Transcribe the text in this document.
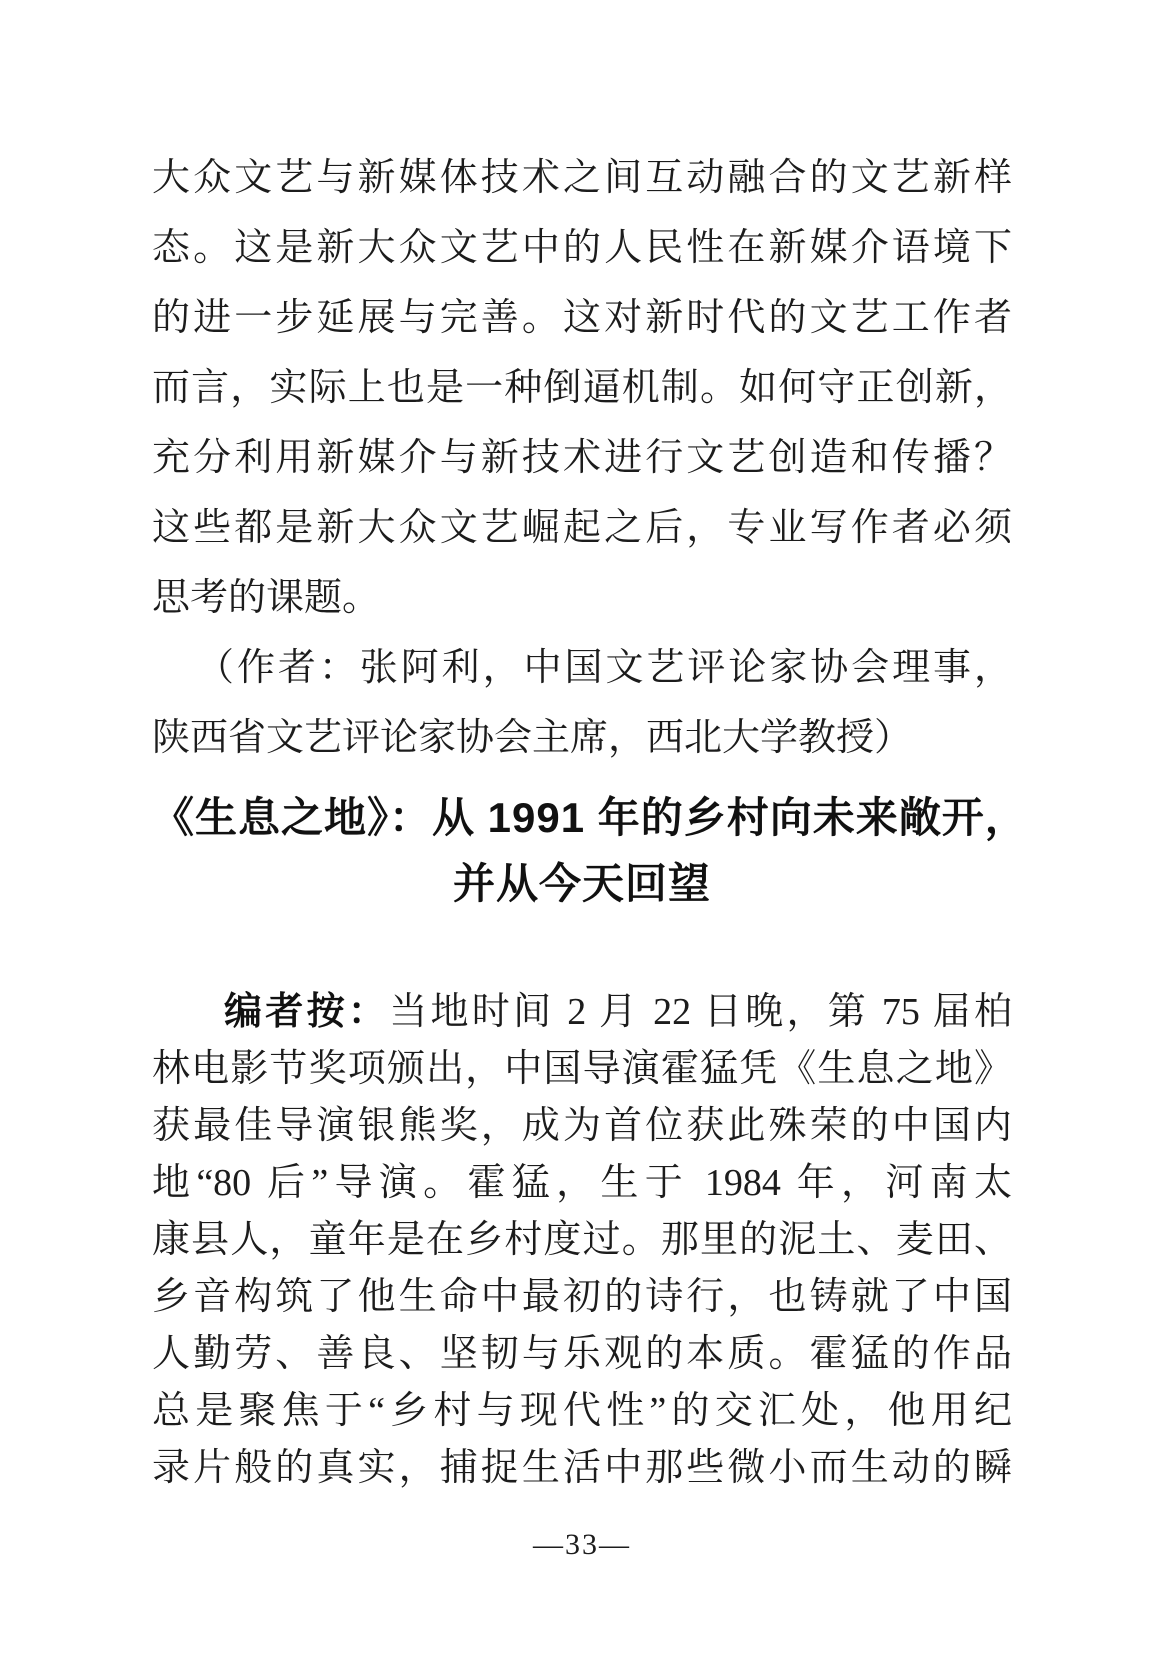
大众文艺与新媒体技术之间互动融合的文艺新样
态。这是新大众文艺中的人民性在新媒介语境下
的进一步延展与完善。这对新时代的文艺工作者
而言，实际上也是一种倒逼机制。如何守正创新，
充分利用新媒介与新技术进行文艺创造和传播？
这些都是新大众文艺崛起之后，专业写作者必须
思考的课题。
（作者：张阿利，中国文艺评论家协会理事，
陕西省文艺评论家协会主席，西北大学教授）
《生息之地》：从 1991 年的乡村向未来敞开，
并从今天回望
编者按：当地时间 2 月 22 日晚，第 75 届柏
林电影节奖项颁出，中国导演霍猛凭《生息之地》
获最佳导演银熊奖，成为首位获此殊荣的中国内
地“80 后”导演。霍猛，生于 1984 年，河南太
康县人，童年是在乡村度过。那里的泥土、麦田、
乡音构筑了他生命中最初的诗行，也铸就了中国
人勤劳、善良、坚韧与乐观的本质。霍猛的作品
总是聚焦于“乡村与现代性”的交汇处，他用纪
录片般的真实，捕捉生活中那些微小而生动的瞬
—33—
